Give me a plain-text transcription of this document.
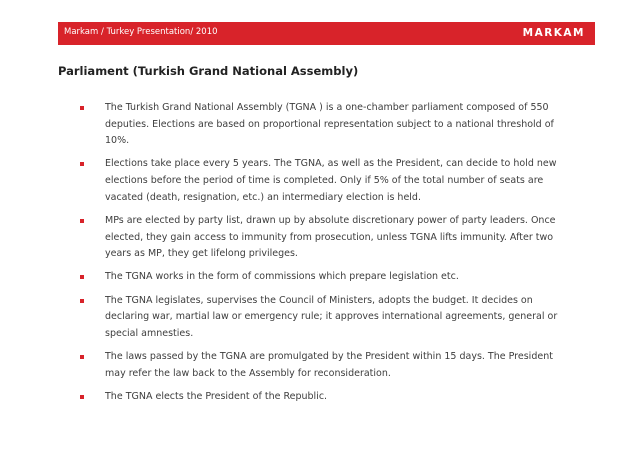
Markam / Turkey Presentation/ 2010	MARKAM
Parliament (Turkish Grand National Assembly)
The Turkish Grand National Assembly (TGNA ) is a one-chamber parliament composed of 550 deputies. Elections are based on proportional representation subject to a national threshold of 10%.
Elections take place every 5 years. The TGNA, as well as the President, can decide to hold new elections before the period of time is completed. Only if 5% of the total number of seats are vacated (death, resignation, etc.) an intermediary election is held.
MPs are elected by party list, drawn up by absolute discretionary power of party leaders. Once elected, they gain access to immunity from prosecution, unless TGNA lifts immunity. After two years as MP, they get lifelong privileges.
The TGNA works in the form of commissions which prepare legislation etc.
The TGNA legislates, supervises the Council of Ministers, adopts the budget. It decides on declaring war, martial law or emergency rule; it approves international agreements, general or special amnesties.
The laws passed by the TGNA are promulgated by the President within 15 days. The President may refer the law back to the Assembly for reconsideration.
The TGNA elects the President of the Republic.
